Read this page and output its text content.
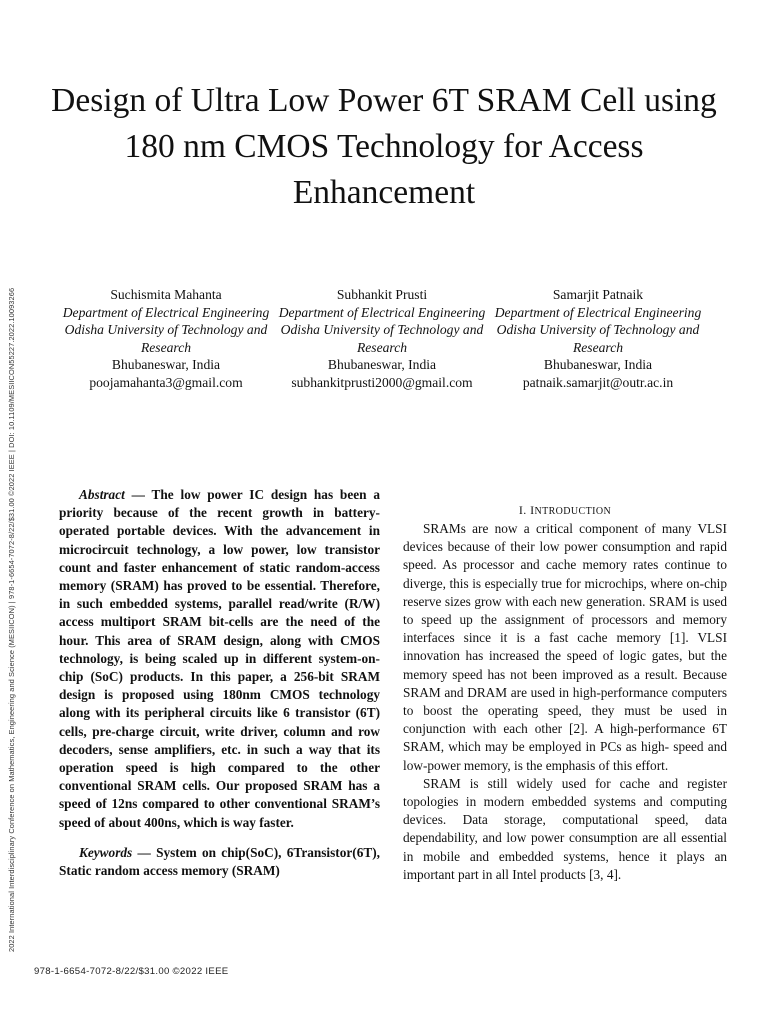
2022 International Interdisciplinary Conference on Mathematics, Engineering and Science (MESIICON) | 978-1-6654-7072-8/22/$31.00 ©2022 IEEE | DOI: 10.1109/MESIICON55227.2022.10093266
Design of Ultra Low Power 6T SRAM Cell using 180 nm CMOS Technology for Access Enhancement
Suchismita Mahanta
Department of Electrical Engineering Odisha University of Technology and Research
Bhubaneswar, India
poojamahanta3@gmail.com
Subhankit Prusti
Department of Electrical Engineering Odisha University of Technology and Research
Bhubaneswar, India
subhankitprusti2000@gmail.com
Samarjit Patnaik
Department of Electrical Engineering Odisha University of Technology and Research
Bhubaneswar, India
patnaik.samarjit@outr.ac.in

Abstract — The low power IC design has been a priority because of the recent growth in battery-operated portable devices. With the advancement in microcircuit technology, a low power, low transistor count and faster enhancement of static random-access memory (SRAM) has proved to be essential. Therefore, in such embedded systems, parallel read/write (R/W) access multiport SRAM bit-cells are the need of the hour. This area of SRAM design, along with CMOS technology, is being scaled up in different system-on-chip (SoC) products. In this paper, a 256-bit SRAM design is proposed using 180nm CMOS technology along with its peripheral circuits like 6 transistor (6T) cells, pre-charge circuit, write driver, column and row decoders, sense amplifiers, etc. in such a way that its operation speed is high compared to the other conventional SRAM cells. Our proposed SRAM has a speed of 12ns compared to other conventional SRAM’s speed of about 400ns, which is way faster.

Keywords — System on chip(SoC), 6Transistor(6T), Static random access memory (SRAM)

I. INTRODUCTION

SRAMs are now a critical component of many VLSI devices because of their low power consumption and rapid speed. As processor and cache memory rates continue to diverge, this is especially true for microchips, where on-chip reserve sizes grow with each new generation. SRAM is used to speed up the assignment of processors and memory interfaces since it is a fast cache memory [1]. VLSI innovation has increased the speed of logic gates, but the memory speed has not been improved as a result. Because SRAM and DRAM are used in high-performance computers to boost the operating speed, they must be used in conjunction with each other [2]. A high-performance 6T SRAM, which may be employed in PCs as high- speed and low-power memory, is the emphasis of this effort.

SRAM is still widely used for cache and register topologies in modern embedded systems and computing devices. Data storage, computational speed, data dependability, and low power consumption are all essential in mobile and embedded systems, hence it plays an important part in all Intel products [3, 4].

978-1-6654-7072-8/22/$31.00 ©2022 IEEE
